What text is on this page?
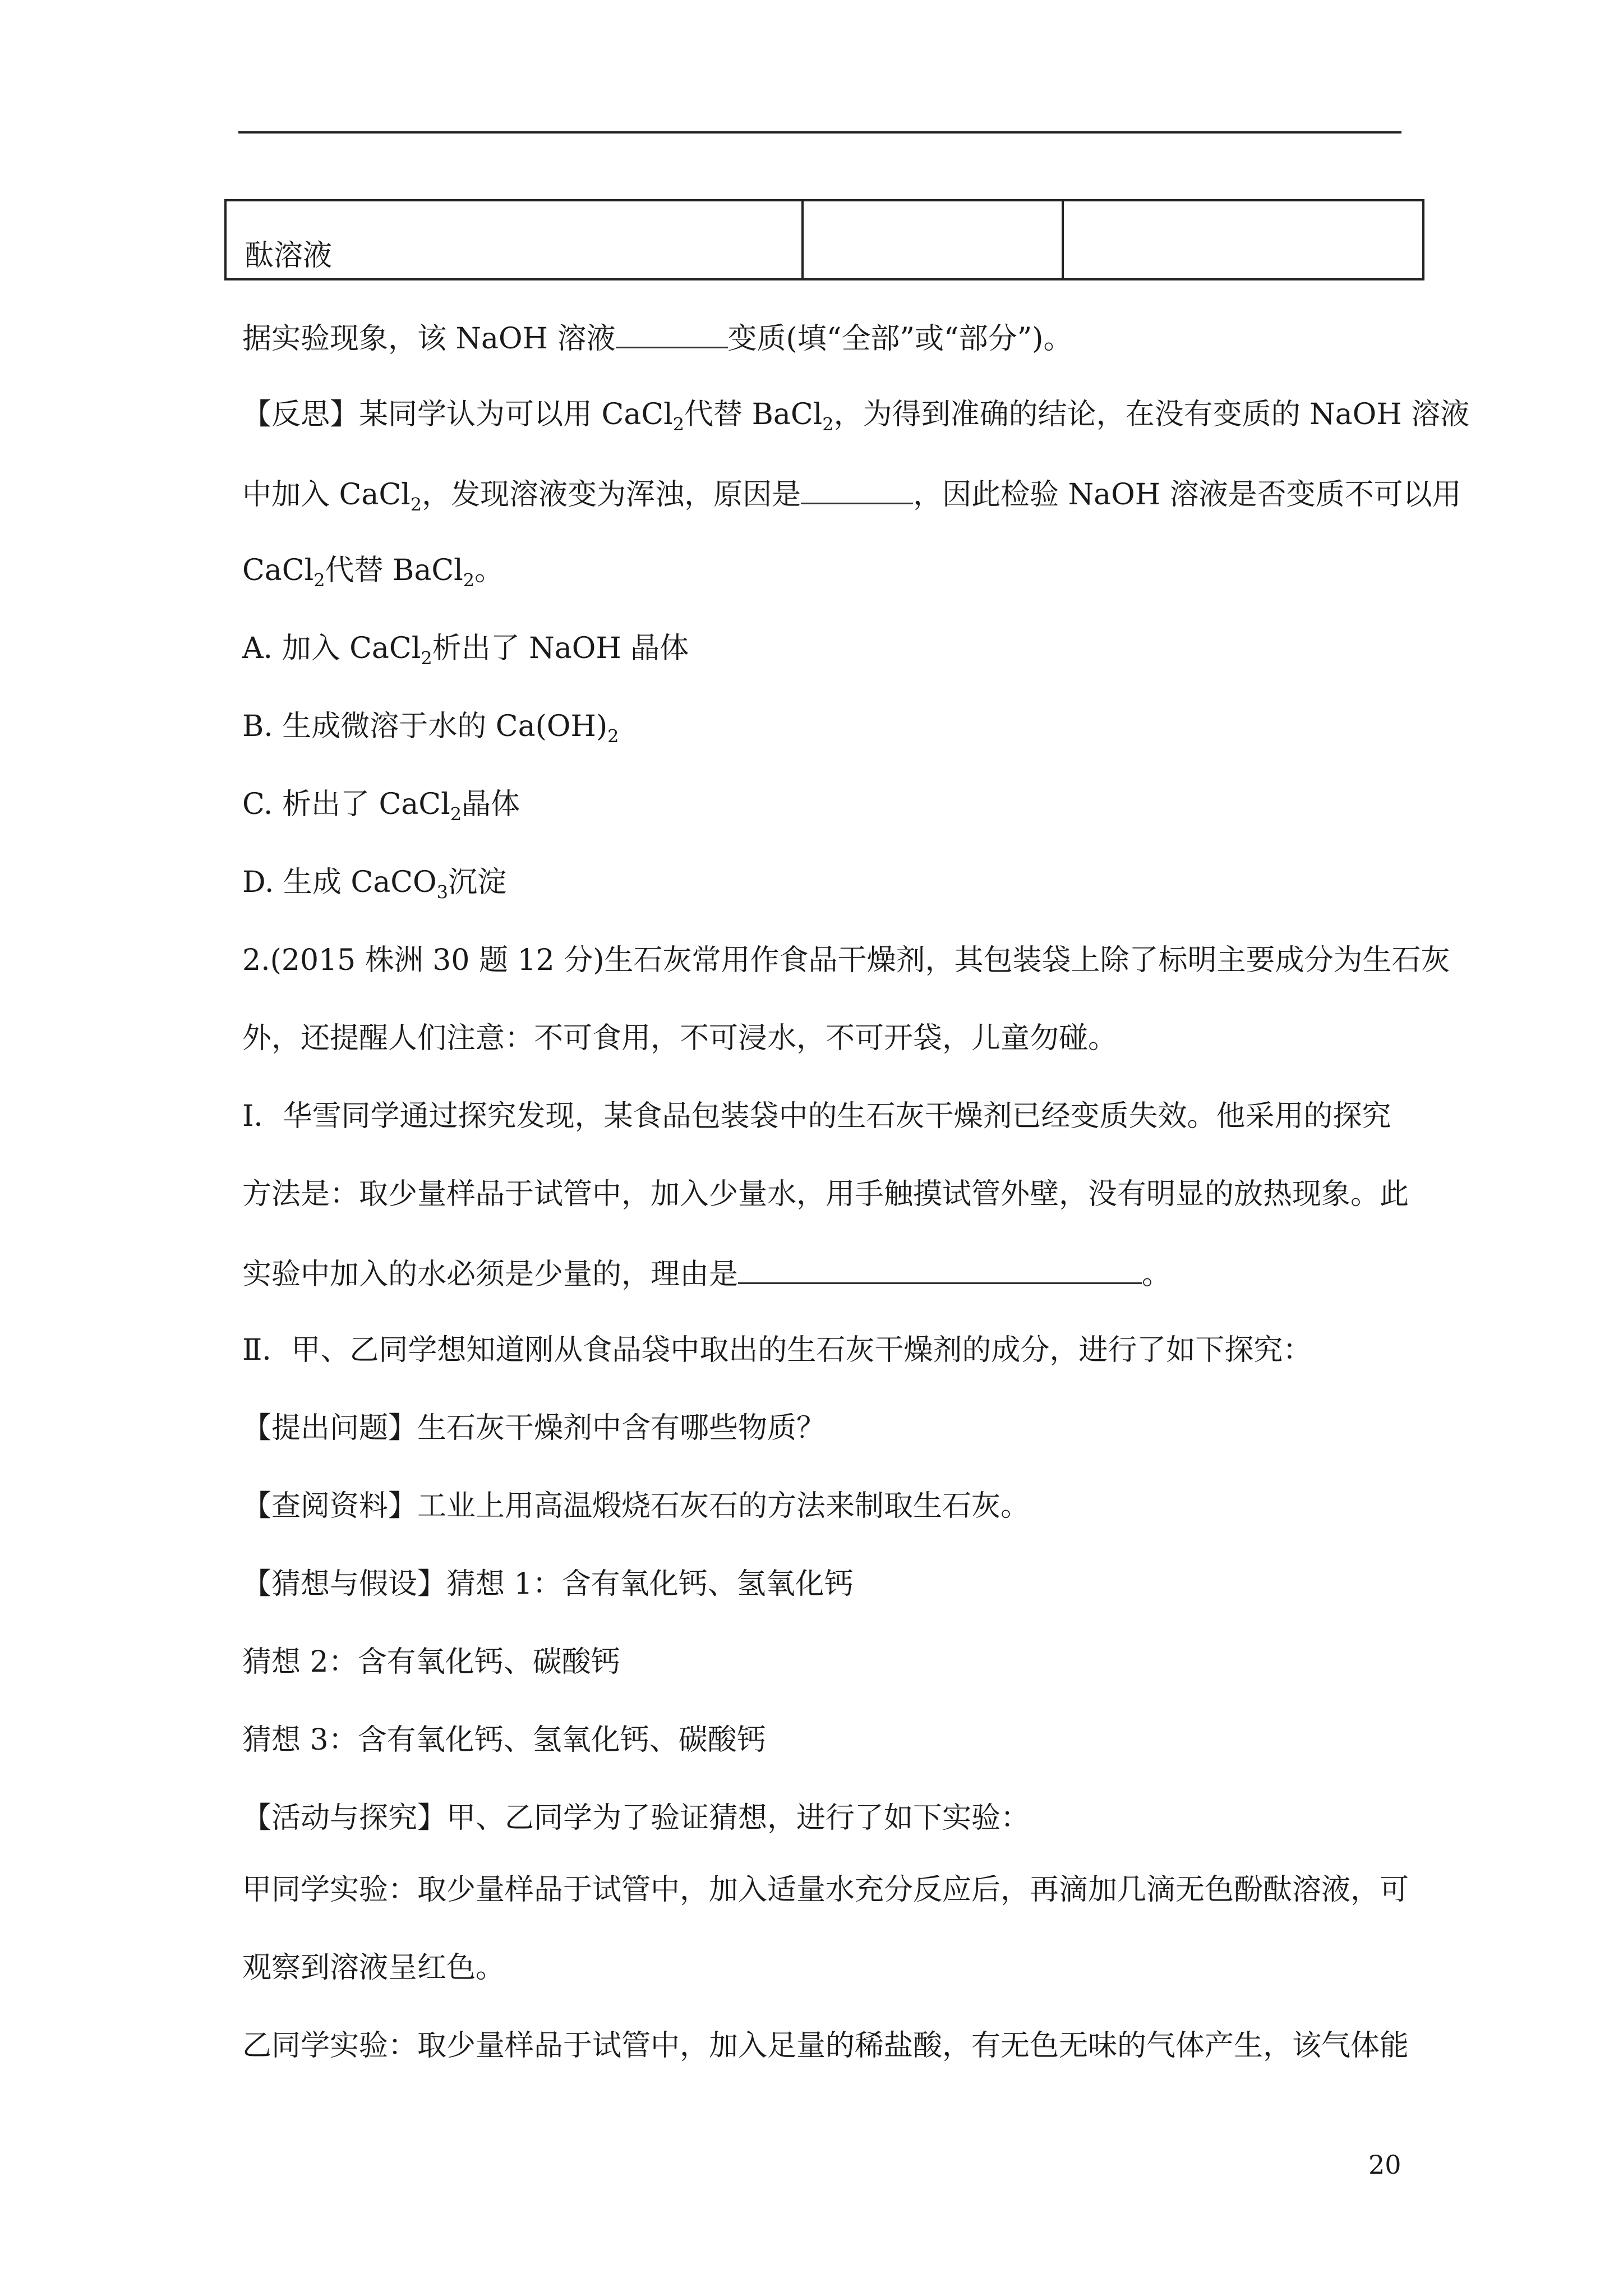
酞溶液

据实验现象，该 NaOH 溶液	变质(填“全部”或“部分”)。
【反思】某同学认为可以用 CaCl$_2$代替 BaCl$_2$，为得到准确的结论，在没有变质的 NaOH 溶液
中加入 CaCl$_2$，发现溶液变为浑浊，原因是	，因此检验 NaOH 溶液是否变质不可以用
CaCl$_2$代替 BaCl$_2$。
A. 加入 CaCl$_2$析出了 NaOH 晶体
B. 生成微溶于水的 $Ca(OH)_2$
C. 析出了 CaCl$_2$晶体
D. 生成 CaCO$_3$沉淀
2.(2015 株洲 30 题 12 分)生石灰常用作食品干燥剂，其包装袋上除了标明主要成分为生石灰
外，还提醒人们注意：不可食用，不可浸水，不可开袋，儿童勿碰。
Ⅰ．华雪同学通过探究发现，某食品包装袋中的生石灰干燥剂已经变质失效。他采用的探究
方法是：取少量样品于试管中，加入少量水，用手触摸试管外壁，没有明显的放热现象。此
实验中加入的水必须是少量的，理由是	。
Ⅱ．甲、乙同学想知道刚从食品袋中取出的生石灰干燥剂的成分，进行了如下探究：
【提出问题】生石灰干燥剂中含有哪些物质？
【查阅资料】工业上用高温煅烧石灰石的方法来制取生石灰。
【猜想与假设】猜想 1：含有氧化钙、氢氧化钙
猜想 2：含有氧化钙、碳酸钙
猜想 3：含有氧化钙、氢氧化钙、碳酸钙
【活动与探究】甲、乙同学为了验证猜想，进行了如下实验：
甲同学实验：取少量样品于试管中，加入适量水充分反应后，再滴加几滴无色酚酞溶液，可
观察到溶液呈红色。
乙同学实验：取少量样品于试管中，加入足量的稀盐酸，有无色无味的气体产生，该气体能
20
